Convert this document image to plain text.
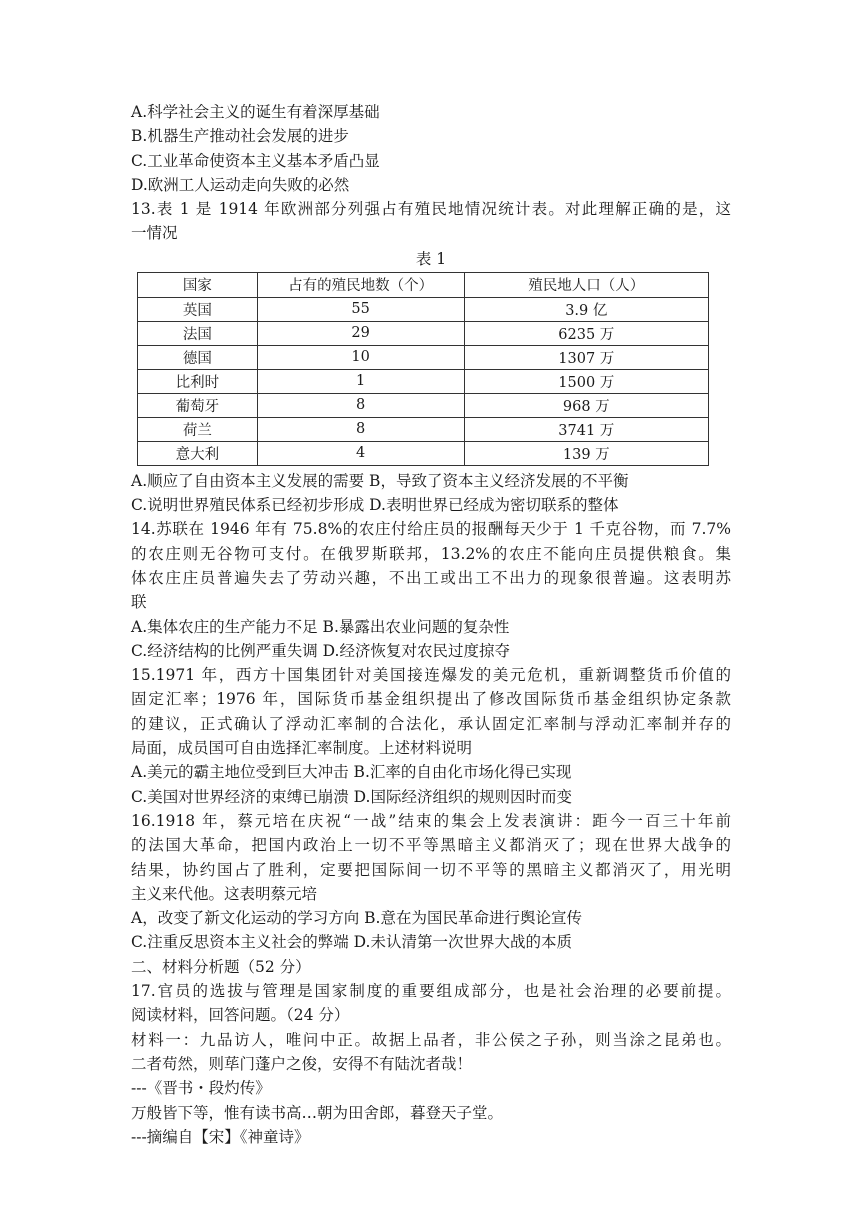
A.科学社会主义的诞生有着深厚基础
B.机器生产推动社会发展的进步
C.工业革命使资本主义基本矛盾凸显
D.欧洲工人运动走向失败的必然
13.表 1 是 1914 年欧洲部分列强占有殖民地情况统计表。对此理解正确的是，这
一情况
表 1
国家	占有的殖民地数（个）	殖民地人口（人）
英国	55	3.9 亿
法国	29	6235 万
德国	10	1307 万
比利时	1	1500 万
葡萄牙	8	968 万
荷兰	8	3741 万
意大利	4	139 万
A.顺应了自由资本主义发展的需要 B，导致了资本主义经济发展的不平衡
C.说明世界殖民体系已经初步形成 D.表明世界已经成为密切联系的整体
14.苏联在 1946 年有 75.8%的农庄付给庄员的报酬每天少于 1 千克谷物，而 7.7%
的农庄则无谷物可支付。在俄罗斯联邦，13.2%的农庄不能向庄员提供粮食。集
体农庄庄员普遍失去了劳动兴趣，不出工或出工不出力的现象很普遍。这表明苏
联
A.集体农庄的生产能力不足 B.暴露出农业问题的复杂性
C.经济结构的比例严重失调 D.经济恢复对农民过度掠夺
15.1971 年，西方十国集团针对美国接连爆发的美元危机，重新调整货币价值的
固定汇率；1976 年，国际货币基金组织提出了修改国际货币基金组织协定条款
的建议，正式确认了浮动汇率制的合法化，承认固定汇率制与浮动汇率制并存的
局面，成员国可自由选择汇率制度。上述材料说明
A.美元的霸主地位受到巨大冲击 B.汇率的自由化市场化得已实现
C.美国对世界经济的束缚已崩溃 D.国际经济组织的规则因时而变
16.1918 年，蔡元培在庆祝“一战”结束的集会上发表演讲：距今一百三十年前
的法国大革命，把国内政治上一切不平等黑暗主义都消灭了；现在世界大战争的
结果，协约国占了胜利，定要把国际间一切不平等的黑暗主义都消灭了，用光明
主义来代他。这表明蔡元培
A，改变了新文化运动的学习方向 B.意在为国民革命进行舆论宣传
C.注重反思资本主义社会的弊端 D.未认清第一次世界大战的本质
二、材料分析题（52 分）
17.官员的选拔与管理是国家制度的重要组成部分，也是社会治理的必要前提。
阅读材料，回答问题。（24 分）
材料一：九品访人，唯问中正。故据上品者，非公侯之子孙，则当涂之昆弟也。
二者苟然，则荜门蓬户之俊，安得不有陆沈者哉！
---《晋书・段灼传》
万般皆下等，惟有读书高…朝为田舍郎，暮登天子堂。
---摘编自【宋】《神童诗》
